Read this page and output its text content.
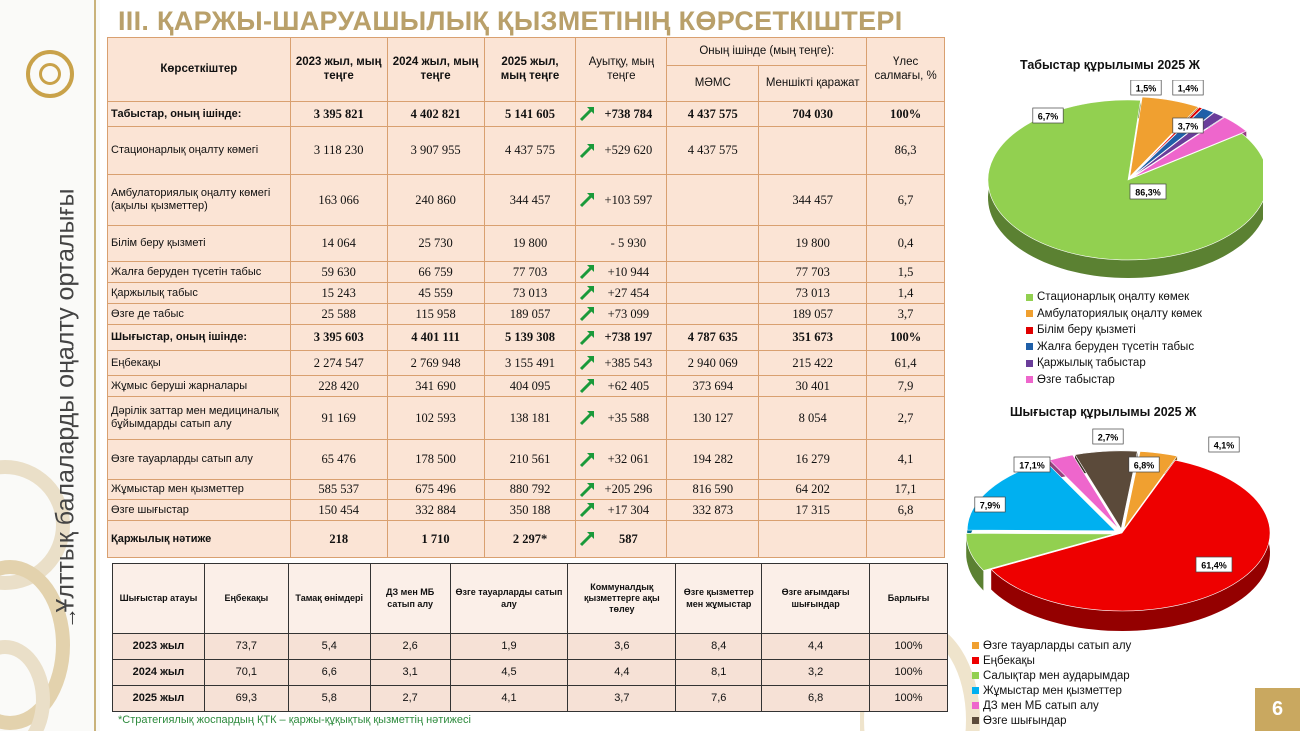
Ұлттық балаларды оңалту орталығы
→
III. ҚАРЖЫ-ШАРУАШЫЛЫҚ ҚЫЗМЕТІНІҢ КӨРСЕТКІШТЕРІ
Көрсеткіштер	2023 жыл, мың теңге	2024 жыл, мың теңге	2025 жыл, мың теңге	Ауытқу, мың теңге	Оның ішінде (мың теңге):		Үлес салмағы, %
					МӘМС	Меншікті қаражат	
Табыстар, оның ішінде:	3 395 821	4 402 821	5 141 605	+738 784	4 437 575	704 030	100%
Стационарлық оңалту көмегі	3 118 230	3 907 955	4 437 575	+529 620	4 437 575		86,3
Амбулаториялық оңалту көмегі (ақылы қызметтер)	163 066	240 860	344 457	+103 597		344 457	6,7
Білім беру қызметі	14 064	25 730	19 800	- 5 930		19 800	0,4
Жалға беруден түсетін табыс	59 630	66 759	77 703	+10 944		77 703	1,5
Қаржылық табыс	15 243	45 559	73 013	+27 454		73 013	1,4
Өзге де табыс	25 588	115 958	189 057	+73 099		189 057	3,7
Шығыстар, оның ішінде:	3 395 603	4 401 111	5 139 308	+738 197	4 787 635	351 673	100%
Еңбекақы	2 274 547	2 769 948	3 155 491	+385 543	2 940 069	215 422	61,4
Жұмыс беруші жарналары	228 420	341 690	404 095	+62 405	373 694	30 401	7,9
Дәрілік заттар мен медициналық бұйымдарды сатып алу	91 169	102 593	138 181	+35 588	130 127	8 054	2,7
Өзге тауарларды сатып алу	65 476	178 500	210 561	+32 061	194 282	16 279	4,1
Жұмыстар мен қызметтер	585 537	675 496	880 792	+205 296	816 590	64 202	17,1
Өзге шығыстар	150 454	332 884	350 188	+17 304	332 873	17 315	6,8
Қаржылық нәтиже	218	1 710	2 297*	587			
Шығыстар атауы	Еңбекақы	Тамақ өнімдері	ДЗ мен МБ сатып алу	Өзге тауарларды сатып алу	Коммуналдық қызметтерге ақы төлеу	Өзге қызметтер мен жұмыстар	Өзге ағымдағы шығындар	Барлығы
2023 жыл	73,7	5,4	2,6	1,9	3,6	8,4	4,4	100%
2024 жыл	70,1	6,6	3,1	4,5	4,4	8,1	3,2	100%
2025 жыл	69,3	5,8	2,7	4,1	3,7	7,6	6,8	100%
*Стратегиялық жоспардың ҚТК – қаржы-құқықтық қызметтің нәтижесі
Табыстар құрылымы 2025 Ж
86,3%
6,7%
1,5% 1,4%
3,7%
Стационарлық оңалту көмек
Амбулаториялық оңалту көмек
Білім беру қызметі
Жалға беруден түсетін табыс
Қаржылық табыстар
Өзге табыстар
Шығыстар құрылымы 2025 Ж
4,1%
61,4%
7,9%
17,1%
2,7%
6,8%
Өзге тауарларды сатып алу
Еңбекақы
Салықтар мен аударымдар
Жұмыстар мен қызметтер
ДЗ мен МБ сатып алу
Өзге шығындар
6
